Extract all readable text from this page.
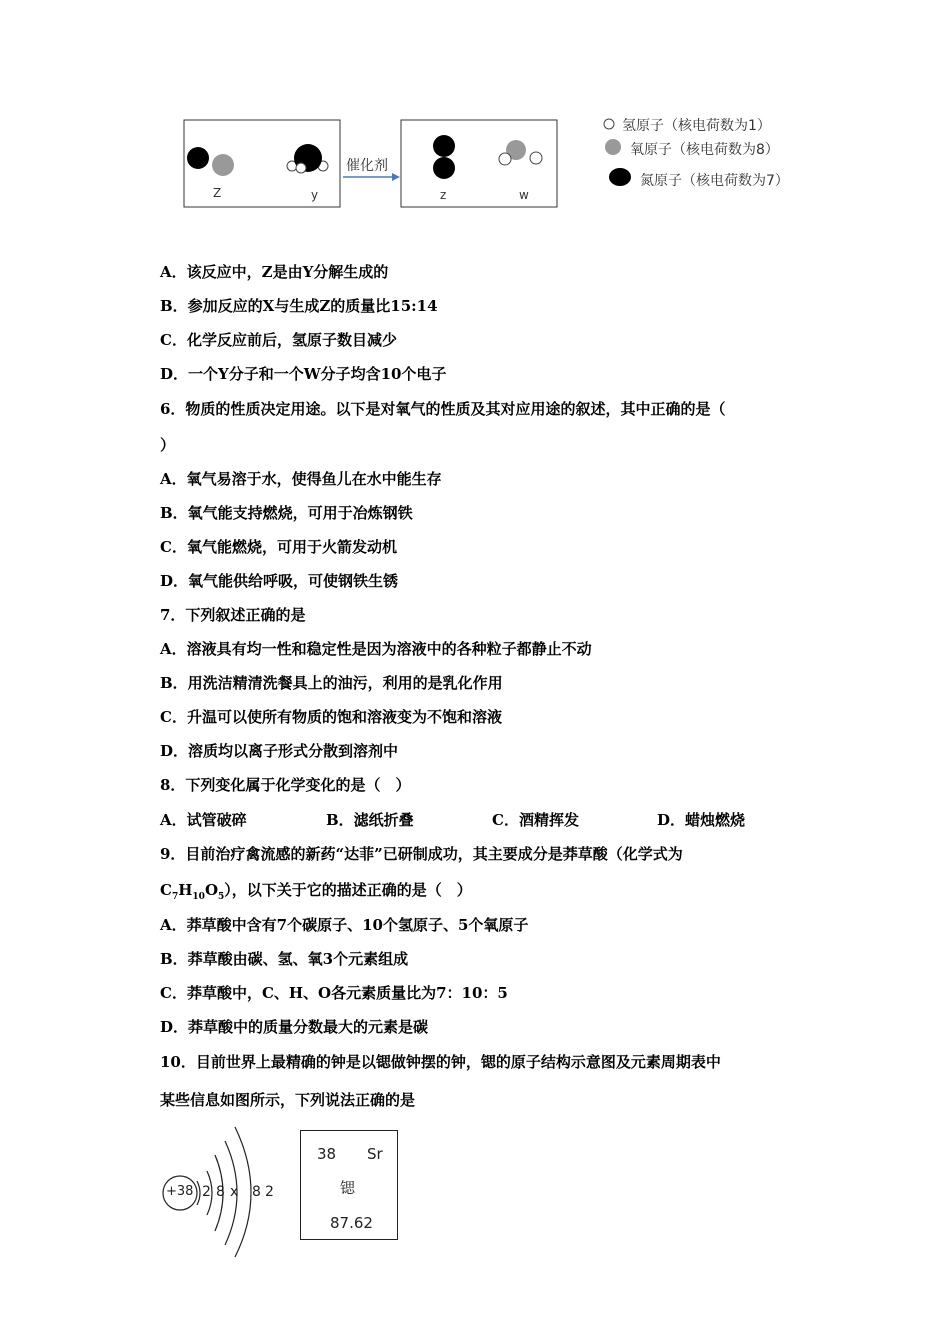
催化剂
Z	y	z	w
氢原子（核电荷数为1）
氧原子（核电荷数为8）
氮原子（核电荷数为7）
A．该反应中，Z是由Y分解生成的
B．参加反应的X与生成Z的质量比15:14
C．化学反应前后，氢原子数目减少
D．一个Y分子和一个W分子均含10个电子
6．物质的性质决定用途。以下是对氧气的性质及其对应用途的叙述，其中正确的是（
）
A．氧气易溶于水，使得鱼儿在水中能生存
B．氧气能支持燃烧，可用于冶炼钢铁
C．氧气能燃烧，可用于火箭发动机
D．氧气能供给呼吸，可使钢铁生锈
7．下列叙述正确的是
A．溶液具有均一性和稳定性是因为溶液中的各种粒子都静止不动
B．用洗洁精清洗餐具上的油污，利用的是乳化作用
C．升温可以使所有物质的饱和溶液变为不饱和溶液
D．溶质均以离子形式分散到溶剂中
8．下列变化属于化学变化的是（　）
A．试管破碎	B．滤纸折叠	C．酒精挥发	D．蜡烛燃烧
9．目前治疗禽流感的新药“达菲”已研制成功，其主要成分是莽草酸（化学式为
$C_7H_{10}O_5$），以下关于它的描述正确的是（　）
A．莽草酸中含有7个碳原子、10个氢原子、5个氧原子
B．莽草酸由碳、氢、氧3个元素组成
C．莽草酸中，C、H、O各元素质量比为7：10：5
D．莽草酸中的质量分数最大的元素是碳
10．目前世界上最精确的钟是以锶做钟摆的钟，锶的原子结构示意图及元素周期表中
某些信息如图所示，下列说法正确的是
+38 2 8 x 8 2
38 Sr
锶
87.62
